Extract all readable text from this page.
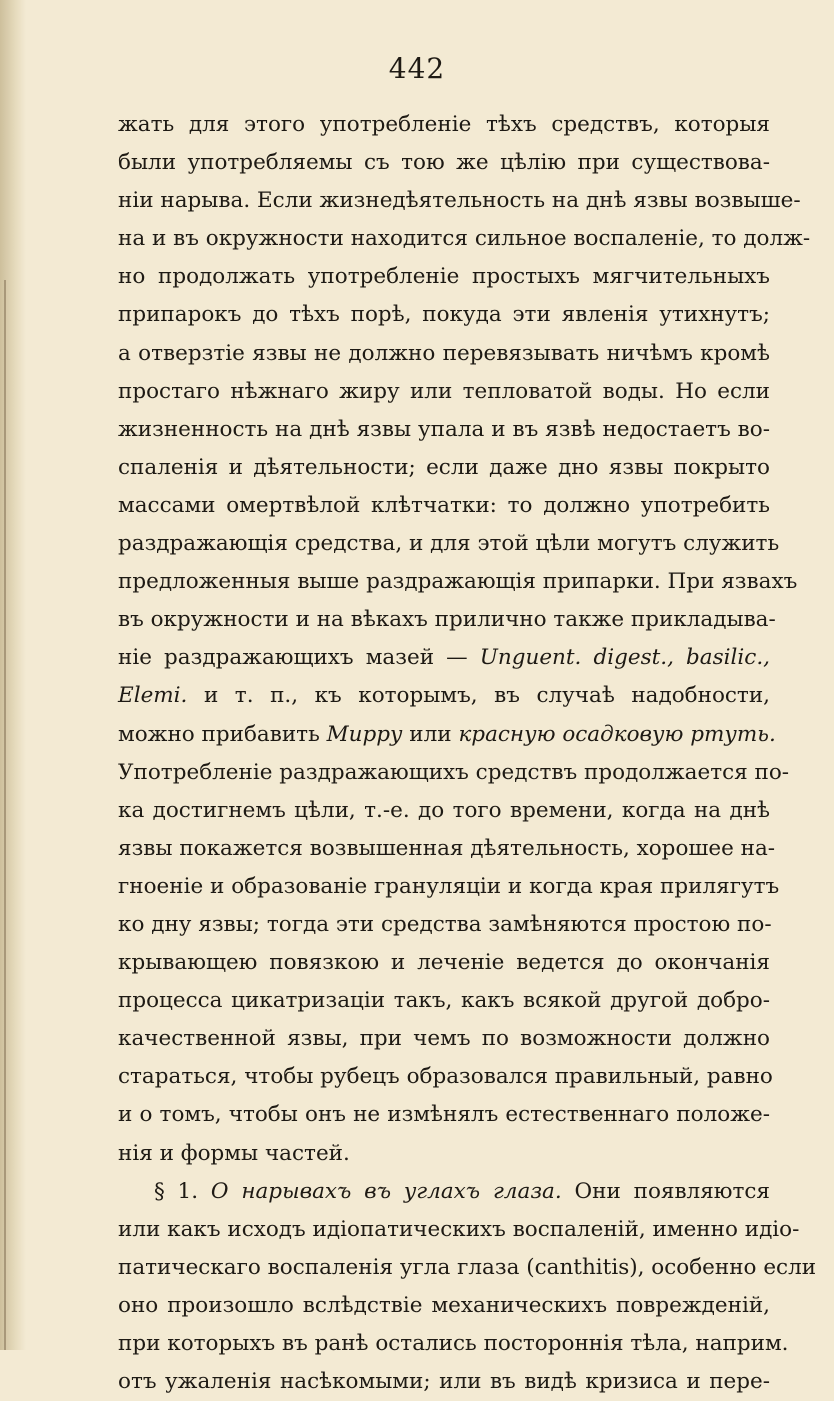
442
жать для этого употребленіе тѣхъ средствъ, которыя
были употребляемы съ тою же цѣлію при существова-
ніи нарыва. Если жизнедѣятельность на днѣ язвы возвыше-
на и въ окружности находится сильное воспаленіе, то долж-
но продолжать употребленіе простыхъ мягчительныхъ
припарокъ до тѣхъ порѣ, покуда эти явленія утихнутъ;
а отверзтіе язвы не должно перевязывать ничѣмъ кромѣ
простаго нѣжнаго жиру или тепловатой воды. Но если
жизненность на днѣ язвы упала и въ язвѣ недостаетъ во-
спаленія и дѣятельности; если даже дно язвы покрыто
массами омертвѣлой клѣтчатки: то должно употребить
раздражающія средства, и для этой цѣли могутъ служить
предложенныя выше раздражающія припарки. При язвахъ
въ окружности и на вѣкахъ прилично также прикладыва-
ніе раздражающихъ мазей — Unguent. digest., basilic.,
Elemi. и т. п., къ которымъ, въ случаѣ надобности,
можно прибавить Мирру или красную осадковую ртуть.
Употребленіе раздражающихъ средствъ продолжается по-
ка достигнемъ цѣли, т.-е. до того времени, когда на днѣ
язвы покажется возвышенная дѣятельность, хорошее на-
гноеніе и образованіе грануляціи и когда края прилягутъ
ко дну язвы; тогда эти средства замѣняются простою по-
крывающею повязкою и леченіе ведется до окончанія
процесса цикатризаціи такъ, какъ всякой другой добро-
качественной язвы, при чемъ по возможности должно
стараться, чтобы рубецъ образовался правильный, равно
и о томъ, чтобы онъ не измѣнялъ естественнаго положе-
нія и формы частей.
§ 1. О нарывахъ въ углахъ глаза. Они появляются
или какъ исходъ идіопатическихъ воспаленій, именно идіо-
патическаго воспаленія угла глаза (canthitis), особенно если
оно произошло вслѣдствіе механическихъ поврежденій,
при которыхъ въ ранѣ остались постороннія тѣла, наприм.
отъ ужаленія насѣкомыми; или въ видѣ кризиса и пере-
